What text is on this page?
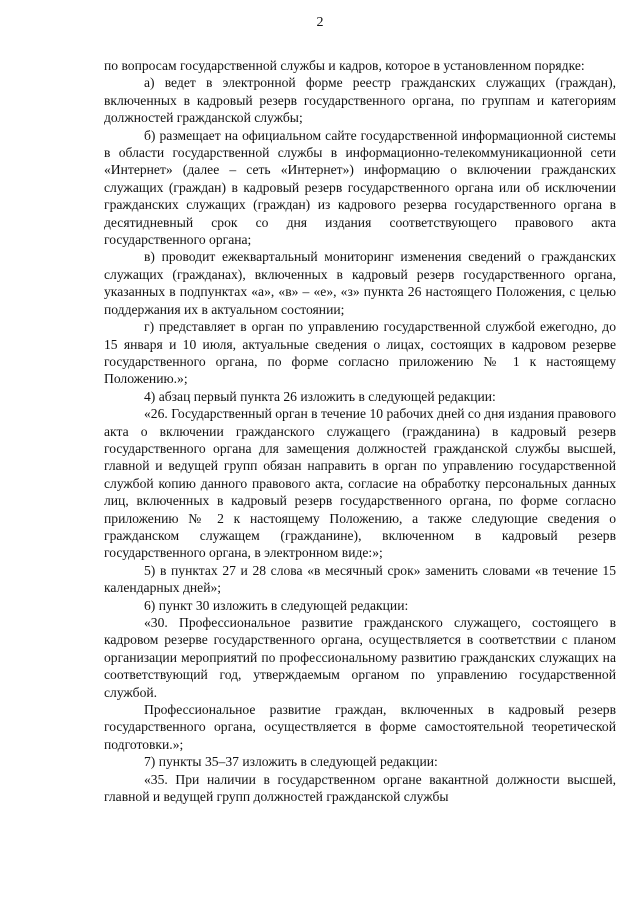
2

по вопросам государственной службы и кадров, которое в установленном порядке:

а) ведет в электронной форме реестр гражданских служащих (граждан), включенных в кадровый резерв государственного органа, по группам и категориям должностей гражданской службы;

б) размещает на официальном сайте государственной информационной системы в области государственной службы в информационно-телекоммуникационной сети «Интернет» (далее – сеть «Интернет») информацию о включении гражданских служащих (граждан) в кадровый резерв государственного органа или об исключении гражданских служащих (граждан) из кадрового резерва государственного органа в десятидневный срок со дня издания соответствующего правового акта государственного органа;

в) проводит ежеквартальный мониторинг изменения сведений о гражданских служащих (гражданах), включенных в кадровый резерв государственного органа, указанных в подпунктах «а», «в» – «е», «з» пункта 26 настоящего Положения, с целью поддержания их в актуальном состоянии;

г) представляет в орган по управлению государственной службой ежегодно, до 15 января и 10 июля, актуальные сведения о лицах, состоящих в кадровом резерве государственного органа, по форме согласно приложению № 1 к настоящему Положению.»;

4) абзац первый пункта 26 изложить в следующей редакции:

«26. Государственный орган в течение 10 рабочих дней со дня издания правового акта о включении гражданского служащего (гражданина) в кадровый резерв государственного органа для замещения должностей гражданской службы высшей, главной и ведущей групп обязан направить в орган по управлению государственной службой копию данного правового акта, согласие на обработку персональных данных лиц, включенных в кадровый резерв государственного органа, по форме согласно приложению № 2 к настоящему Положению, а также следующие сведения о гражданском служащем (гражданине), включенном в кадровый резерв государственного органа, в электронном виде:»;

5) в пунктах 27 и 28 слова «в месячный срок» заменить словами «в течение 15 календарных дней»;

6) пункт 30 изложить в следующей редакции:

«30. Профессиональное развитие гражданского служащего, состоящего в кадровом резерве государственного органа, осуществляется в соответствии с планом организации мероприятий по профессиональному развитию гражданских служащих на соответствующий год, утверждаемым органом по управлению государственной службой.

Профессиональное развитие граждан, включенных в кадровый резерв государственного органа, осуществляется в форме самостоятельной теоретической подготовки.»;

7) пункты 35–37 изложить в следующей редакции:

«35. При наличии в государственном органе вакантной должности высшей, главной и ведущей групп должностей гражданской службы
